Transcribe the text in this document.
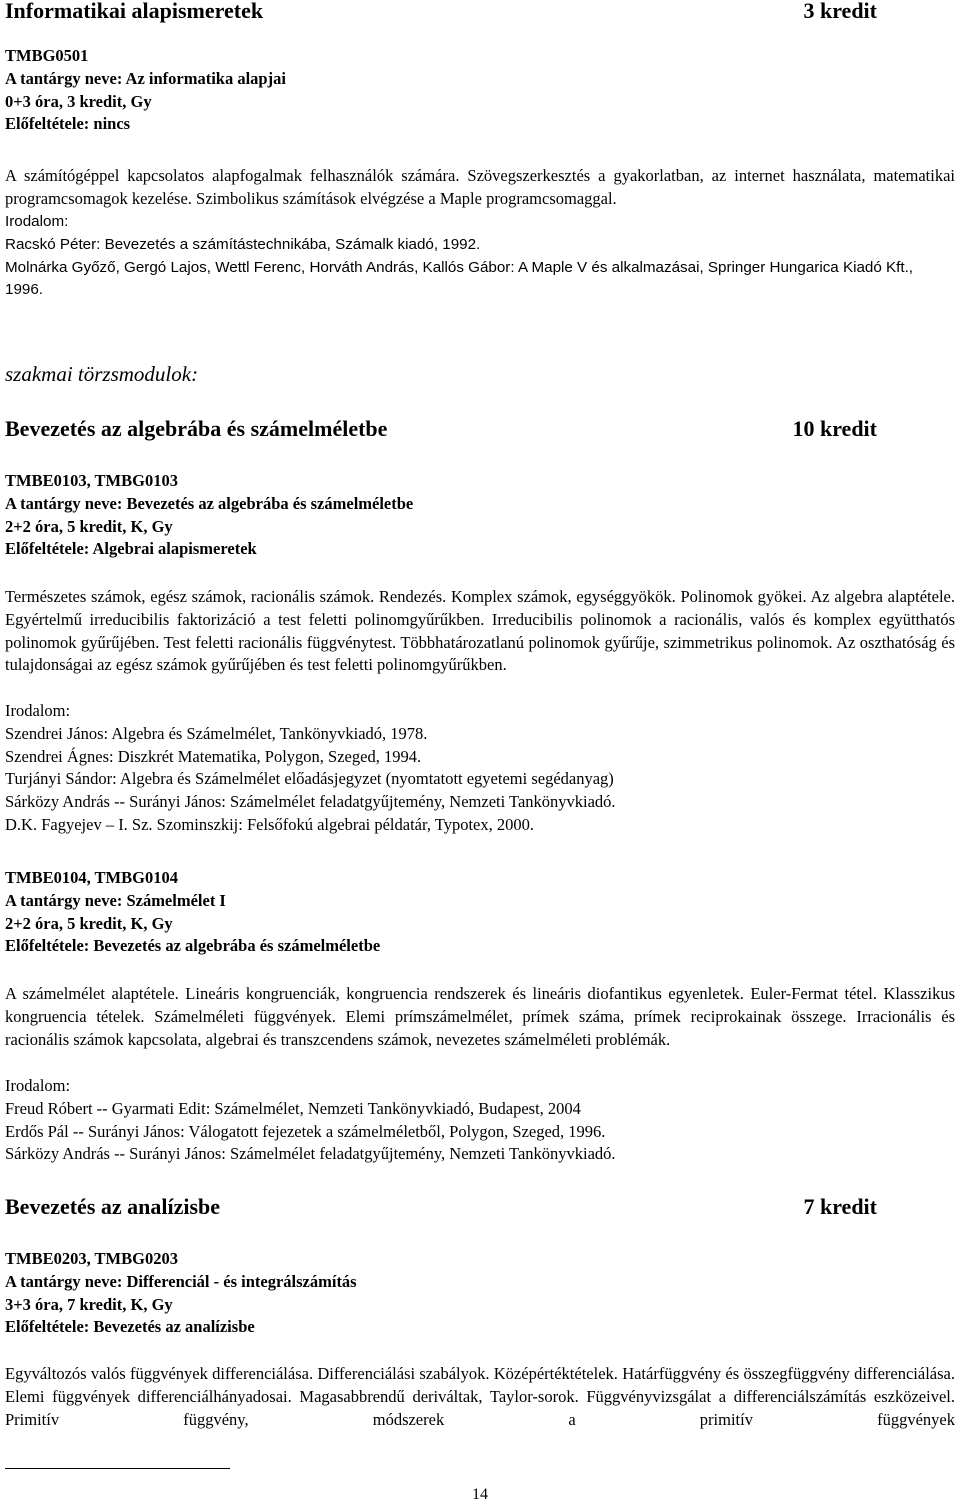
Informatikai alapismeretek	3 kredit
TMBG0501
A tantárgy neve: Az informatika alapjai
0+3 óra, 3 kredit, Gy
Előfeltétele: nincs
A számítógéppel kapcsolatos alapfogalmak felhasználók számára. Szövegszerkesztés a gyakorlatban, az internet használata, matematikai programcsomagok kezelése. Szimbolikus számítások elvégzése a Maple programcsomaggal.
Irodalom:
Racskó Péter: Bevezetés a számítástechnikába, Számalk kiadó, 1992.
Molnárka Győző, Gergó Lajos, Wettl Ferenc, Horváth András, Kallós Gábor: A Maple V és alkalmazásai, Springer Hungarica Kiadó Kft., 1996.
szakmai törzsmodulok:
Bevezetés az algebrába és számelméletbe	10 kredit
TMBE0103, TMBG0103
A tantárgy neve: Bevezetés az algebrába és számelméletbe
2+2 óra, 5 kredit, K, Gy
Előfeltétele: Algebrai alapismeretek
Természetes számok, egész számok, racionális számok. Rendezés. Komplex számok, egységgyökök. Polinomok gyökei. Az algebra alaptétele. Egyértelmű irreducibilis faktorizáció a test feletti polinomgyűrűkben. Irreducibilis polinomok a racionális, valós és komplex együtthatós polinomok gyűrűjében. Test feletti racionális függvénytest. Többhatározatlanú polinomok gyűrűje, szimmetrikus polinomok. Az oszthatóság és tulajdonságai az egész számok gyűrűjében és test feletti polinomgyűrűkben.
Irodalom:
Szendrei János: Algebra és Számelmélet, Tankönyvkiadó, 1978.
Szendrei Ágnes: Diszkrét Matematika, Polygon, Szeged, 1994.
Turjányi Sándor: Algebra és Számelmélet előadásjegyzet (nyomtatott egyetemi segédanyag)
Sárközy András -- Surányi János: Számelmélet feladatgyűjtemény, Nemzeti Tankönyvkiadó.
D.K. Fagyejev – I. Sz. Szominszkij: Felsőfokú algebrai példatár, Typotex, 2000.
TMBE0104, TMBG0104
A tantárgy neve: Számelmélet I
2+2 óra, 5 kredit, K, Gy
Előfeltétele: Bevezetés az algebrába és számelméletbe
A számelmélet alaptétele. Lineáris kongruenciák, kongruencia rendszerek és lineáris diofantikus egyenletek. Euler-Fermat tétel. Klasszikus kongruencia tételek. Számelméleti függvények. Elemi prímszámelmélet, prímek száma, prímek reciprokainak összege. Irracionális és racionális számok kapcsolata, algebrai és transzcendens számok, nevezetes számelméleti problémák.
Irodalom:
Freud Róbert -- Gyarmati Edit: Számelmélet, Nemzeti Tankönyvkiadó, Budapest, 2004
Erdős Pál -- Surányi János: Válogatott fejezetek a számelméletből, Polygon, Szeged, 1996.
Sárközy András -- Surányi János: Számelmélet feladatgyűjtemény, Nemzeti Tankönyvkiadó.
Bevezetés az analízisbe	7 kredit
TMBE0203, TMBG0203
A tantárgy neve: Differenciál - és integrálszámítás
3+3 óra, 7 kredit, K, Gy
Előfeltétele: Bevezetés az analízisbe
Egyváltozós valós függvények differenciálása. Differenciálási szabályok. Középértéktételek. Határfüggvény és összegfüggvény differenciálása. Elemi függvények differenciálhányadosai. Magasabbrendű deriváltak, Taylor-sorok. Függvényvizsgálat a differenciálszámítás eszközeivel. Primitív függvény, módszerek a primitív függvények
14
